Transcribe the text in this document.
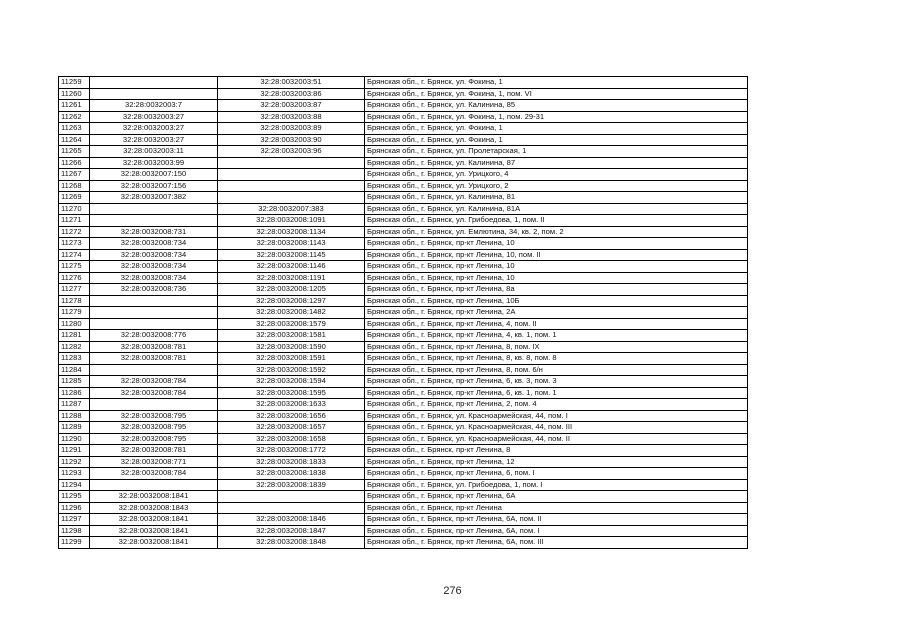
11259		32:28:0032003:51	Брянская обл., г. Брянск, ул. Фокина, 1
11260		32:28:0032003:86	Брянская обл., г. Брянск, ул. Фокина, 1, пом. VI
11261	32:28:0032003:7	32:28:0032003:87	Брянская обл., г. Брянск, ул. Калинина, 85
11262	32:28:0032003:27	32:28:0032003:88	Брянская обл., г. Брянск, ул. Фокина, 1, пом. 29-31
11263	32:28:0032003:27	32:28:0032003:89	Брянская обл., г. Брянск, ул. Фокина, 1
11264	32:28:0032003:27	32:28:0032003:90	Брянская обл., г. Брянск, ул. Фокина, 1
11265	32:28:0032003:11	32:28:0032003:96	Брянская обл., г. Брянск, ул. Пролетарская, 1
11266	32:28:0032003:99		Брянская обл., г. Брянск, ул. Калинина, 87
11267	32:28:0032007:150		Брянская обл., г. Брянск, ул. Урицкого, 4
11268	32:28:0032007:156		Брянская обл., г. Брянск, ул. Урицкого, 2
11269	32:28:0032007:382		Брянская обл., г. Брянск, ул. Калинина, 81
11270		32:28:0032007:383	Брянская обл., г. Брянск, ул. Калинина, 81А
11271		32:28:0032008:1091	Брянская обл., г. Брянск, ул. Грибоедова, 1, пом. II
11272	32:28:0032008:731	32:28:0032008:1134	Брянская обл., г. Брянск, ул. Емлютина, 34, кв. 2, пом. 2
11273	32:28:0032008:734	32:28:0032008:1143	Брянская обл., г. Брянск, пр-кт Ленина, 10
11274	32:28:0032008:734	32:28:0032008:1145	Брянская обл., г. Брянск, пр-кт Ленина, 10, пом. II
11275	32:28:0032008:734	32:28:0032008:1146	Брянская обл., г. Брянск, пр-кт Ленина, 10
11276	32:28:0032008:734	32:28:0032008:1191	Брянская обл., г. Брянск, пр-кт Ленина, 10
11277	32:28:0032008:736	32:28:0032008:1205	Брянская обл., г. Брянск, пр-кт Ленина, 8а
11278		32:28:0032008:1297	Брянская обл., г. Брянск, пр-кт Ленина, 10Б
11279		32:28:0032008:1482	Брянская обл., г. Брянск, пр-кт Ленина, 2А
11280		32:28:0032008:1579	Брянская обл., г. Брянск, пр-кт Ленина, 4, пом. II
11281	32:28:0032008:776	32:28:0032008:1581	Брянская обл., г. Брянск, пр-кт Ленина, 4, кв. 1, пом. 1
11282	32:28:0032008:781	32:28:0032008:1590	Брянская обл., г. Брянск, пр-кт Ленина, 8, пом. IX
11283	32:28:0032008:781	32:28:0032008:1591	Брянская обл., г. Брянск, пр-кт Ленина, 8, кв. 8, пом. 8
11284		32:28:0032008:1592	Брянская обл., г. Брянск, пр-кт Ленина, 8, пом. 6/н
11285	32:28:0032008:784	32:28:0032008:1594	Брянская обл., г. Брянск, пр-кт Ленина, 6, кв. 3, пом. 3
11286	32:28:0032008:784	32:28:0032008:1595	Брянская обл., г. Брянск, пр-кт Ленина, 6, кв. 1, пом. 1
11287		32:28:0032008:1633	Брянская обл., г. Брянск, пр-кт Ленина, 2, пом. 4
11288	32:28:0032008:795	32:28:0032008:1656	Брянская обл., г. Брянск, ул. Красноармейская, 44, пом. I
11289	32:28:0032008:795	32:28:0032008:1657	Брянская обл., г. Брянск, ул. Красноармейская, 44, пом. III
11290	32:28:0032008:795	32:28:0032008:1658	Брянская обл., г. Брянск, ул. Красноармейская, 44, пом. II
11291	32:28:0032008:781	32:28:0032008:1772	Брянская обл., г. Брянск, пр-кт Ленина, 8
11292	32:28:0032008:771	32:28:0032008:1833	Брянская обл., г. Брянск, пр-кт Ленина, 12
11293	32:28:0032008:784	32:28:0032008:1838	Брянская обл., г. Брянск, пр-кт Ленина, 6, пом. I
11294		32:28:0032008:1839	Брянская обл., г. Брянск, ул. Грибоедова, 1, пом. I
11295	32:28:0032008:1841		Брянская обл., г. Брянск, пр-кт Ленина, 6А
11296	32:28:0032008:1843		Брянская обл., г. Брянск, пр-кт Ленина
11297	32:28:0032008:1841	32:28:0032008:1846	Брянская обл., г. Брянск, пр-кт Ленина, 6А, пом. II
11298	32:28:0032008:1841	32:28:0032008:1847	Брянская обл., г. Брянск, пр-кт Ленина, 6А, пом. I
11299	32:28:0032008:1841	32:28:0032008:1848	Брянская обл., г. Брянск, пр-кт Ленина, 6А, пом. III
276
